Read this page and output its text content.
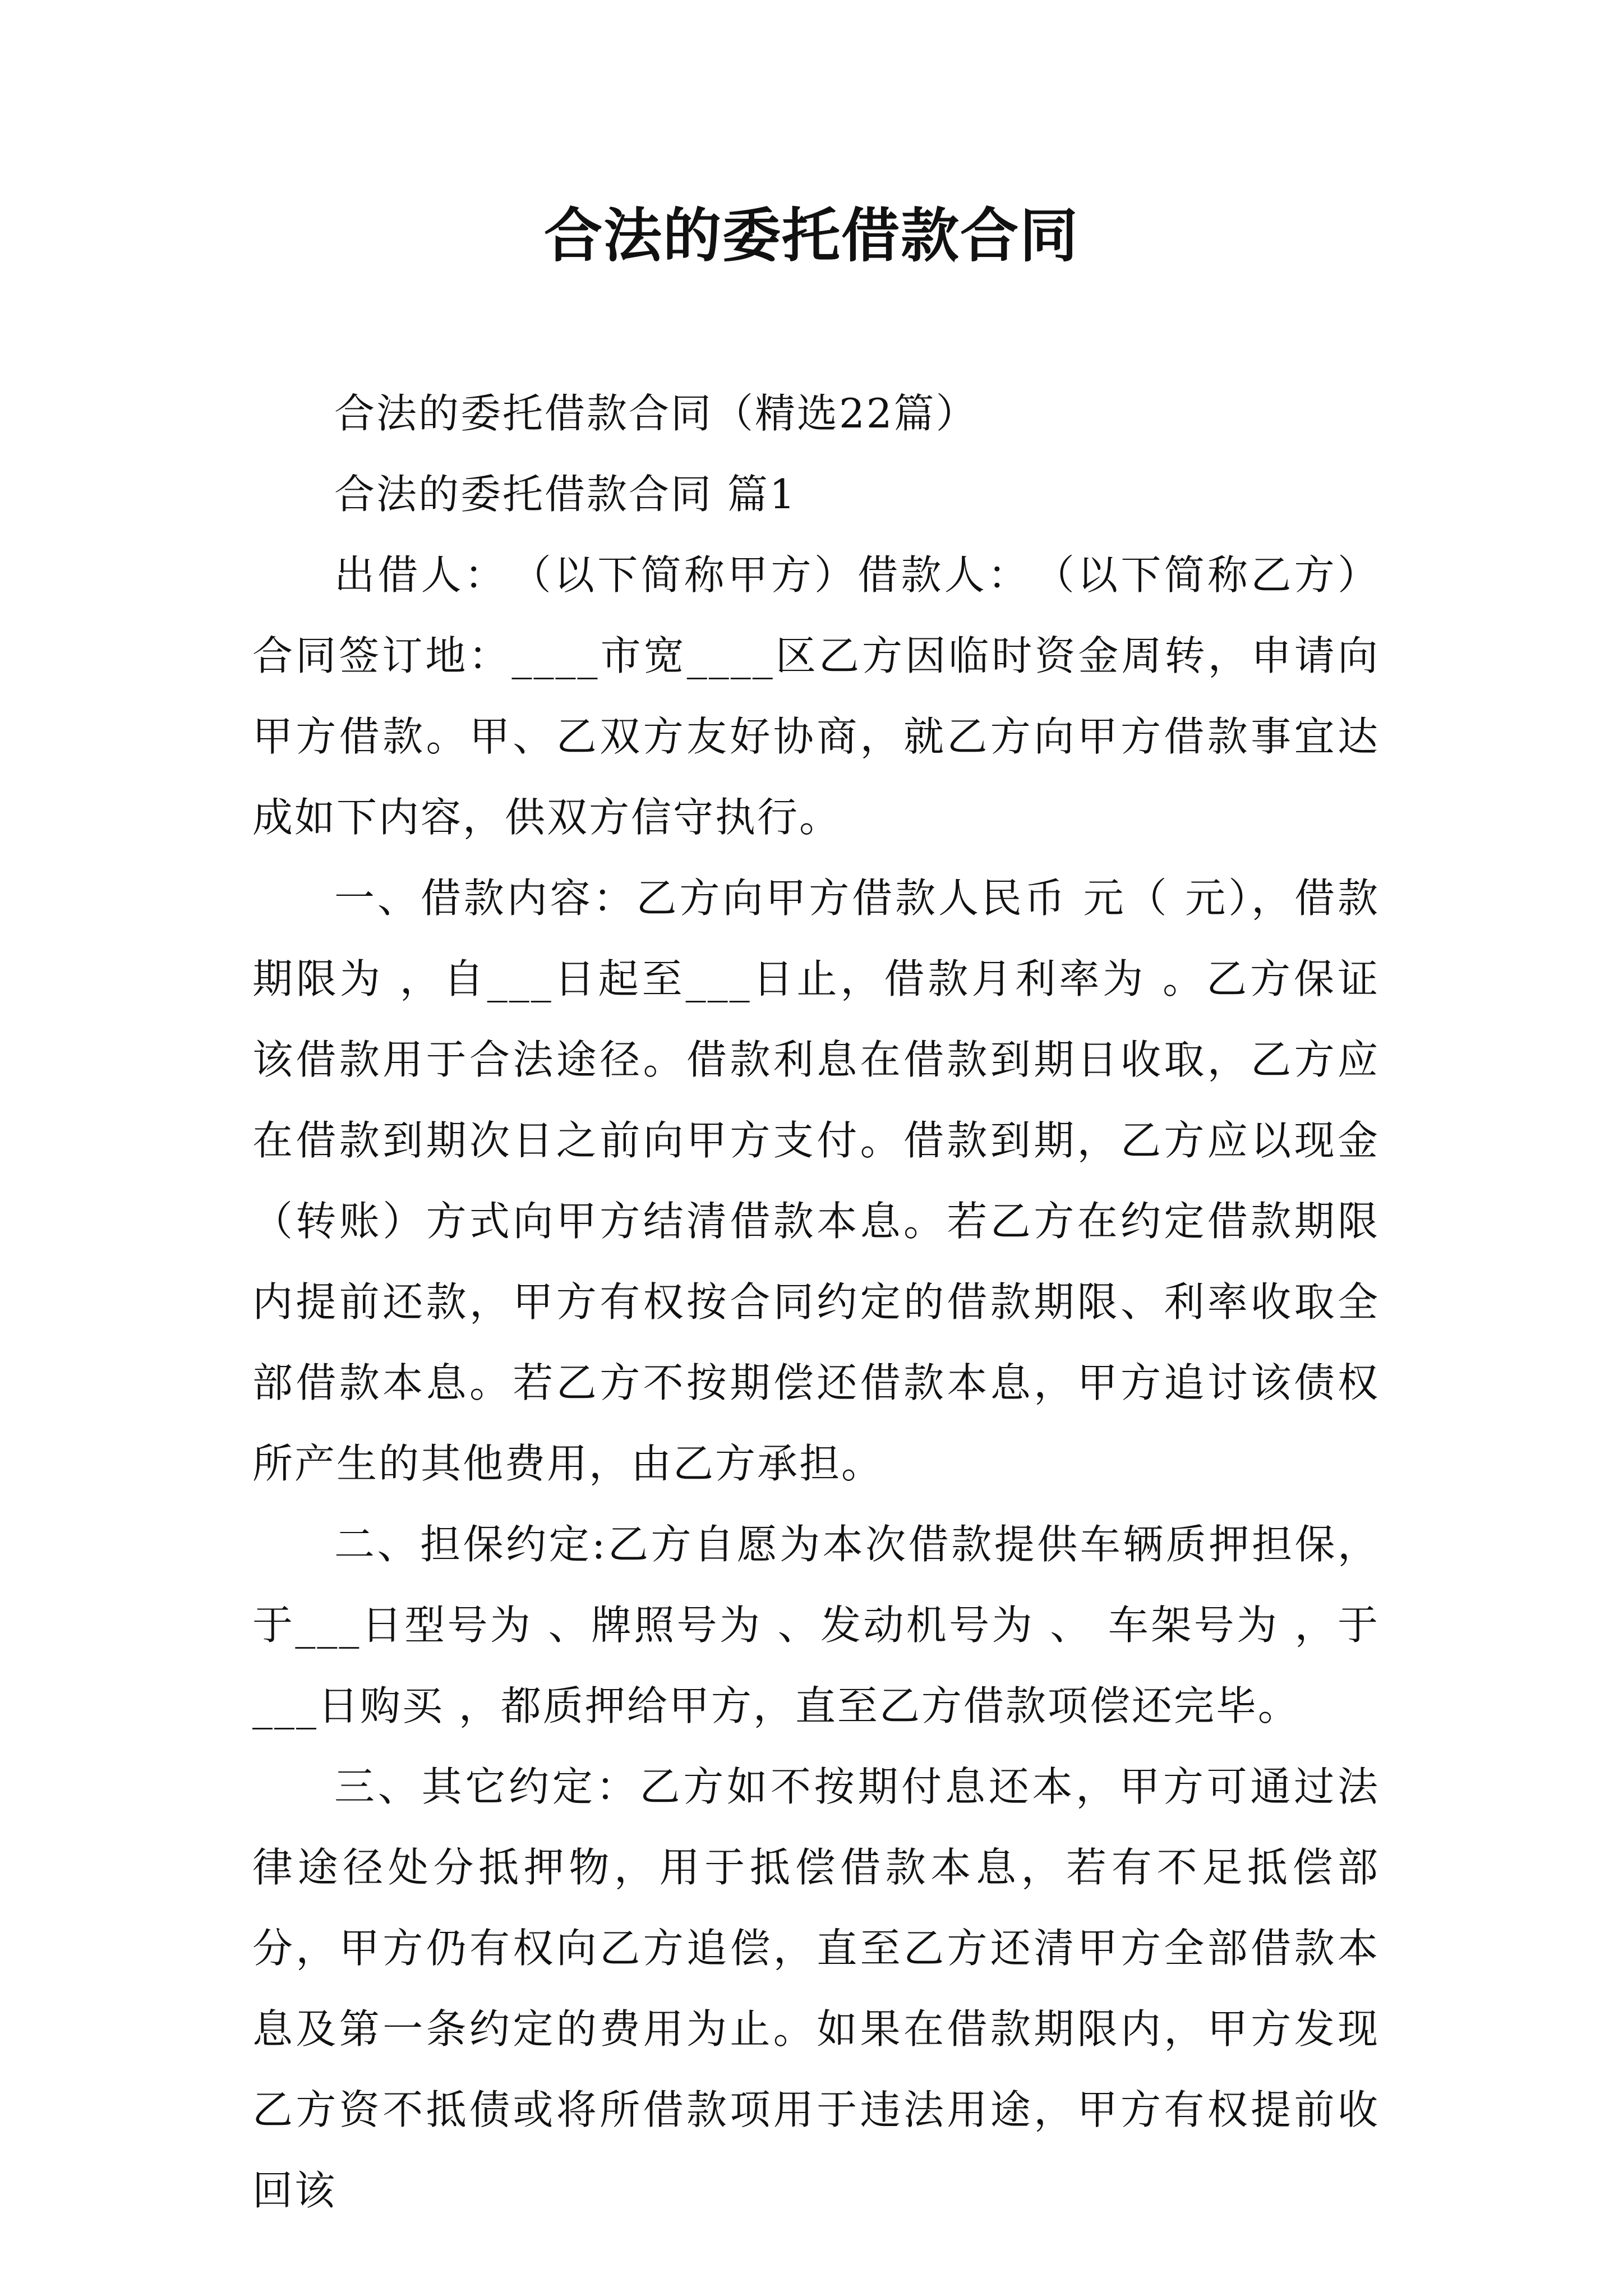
合法的委托借款合同

合法的委托借款合同（精选22篇）

合法的委托借款合同 篇1

出借人：　（以下简称甲方）借款人：　（以下简称乙方）合同签订地：____市宽____区乙方因临时资金周转，申请向甲方借款。甲、乙双方友好协商，就乙方向甲方借款事宜达成如下内容，供双方信守执行。

一、借款内容：乙方向甲方借款人民币 元（ 元），借款期限为 ，自___日起至___日止，借款月利率为 。乙方保证该借款用于合法途径。借款利息在借款到期日收取，乙方应在借款到期次日之前向甲方支付。借款到期，乙方应以现金（转账）方式向甲方结清借款本息。若乙方在约定借款期限内提前还款，甲方有权按合同约定的借款期限、利率收取全部借款本息。若乙方不按期偿还借款本息，甲方追讨该债权所产生的其他费用，由乙方承担。

二、担保约定:乙方自愿为本次借款提供车辆质押担保，于___日型号为 、牌照号为 、发动机号为 、 车架号为 ，于___日购买 ，都质押给甲方，直至乙方借款项偿还完毕。

三、其它约定：乙方如不按期付息还本，甲方可通过法律途径处分抵押物，用于抵偿借款本息，若有不足抵偿部分，甲方仍有权向乙方追偿，直至乙方还清甲方全部借款本息及第一条约定的费用为止。如果在借款期限内，甲方发现乙方资不抵债或将所借款项用于违法用途，甲方有权提前收回该
